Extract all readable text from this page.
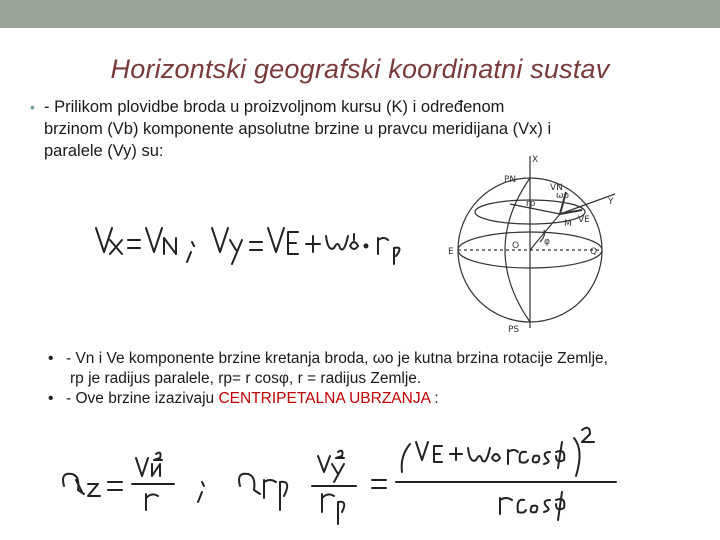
Horizontski geografski koordinatni sustav
• - Prilikom plovidbe broda u proizvoljnom kursu (K) i određenom
brzinom (Vb) komponente apsolutne brzine u pravcu meridijana (Vx) i
paralele (Vy) su:
PN
PS
E	Q
O
X
Y
VN
VE
ωo
φ
M
rp
• - Vn i Ve komponente brzine kretanja broda, ωo je kutna brzina rotacije Zemlje,
rp je radijus paralele, rp= r cosφ, r = radijus Zemlje.
• - Ove brzine izazivaju CENTRIPETALNA UBRZANJA :
